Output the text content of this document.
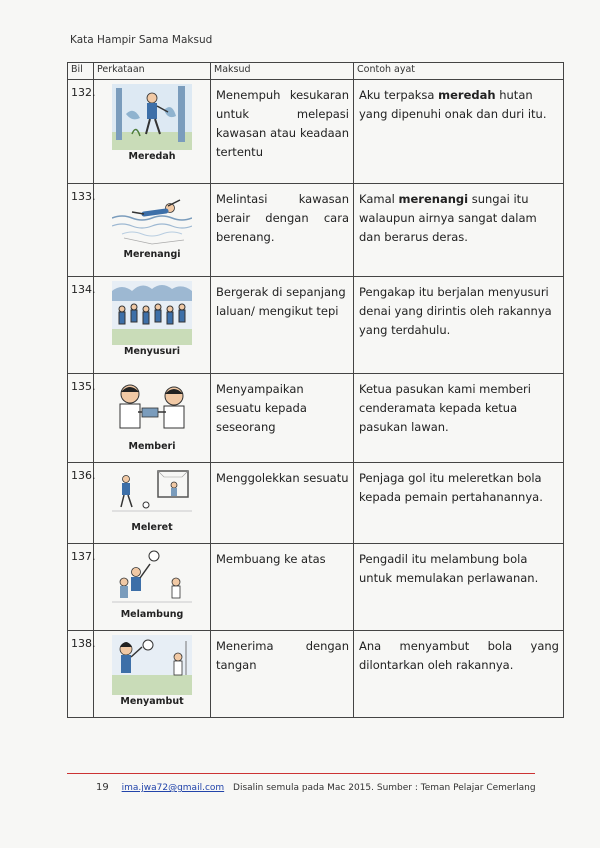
Kata Hampir Sama Maksud
Bil	Perkataan	Maksud	Contoh ayat
132.	Meredah	Menempuh kesukaran untuk melepasi kawasan atau keadaan tertentu	Aku terpaksa meredah hutan yang dipenuhi onak dan duri itu.
133.	Merenangi	Melintasi kawasan berair dengan cara berenang.	Kamal merenangi sungai itu walaupun airnya sangat dalam dan berarus deras.
134.	Menyusuri	Bergerak di sepanjang laluan/ mengikut tepi	Pengakap itu berjalan menyusuri denai yang dirintis oleh rakannya yang terdahulu.
135.	Memberi	Menyampaikan sesuatu kepada seseorang	Ketua pasukan kami memberi cenderamata kepada ketua pasukan lawan.
136.	Meleret	Menggolekkan sesuatu	Penjaga gol itu meleretkan bola kepada pemain pertahanannya.
137.	Melambung	Membuang ke atas	Pengadil itu melambung bola untuk memulakan perlawanan.
138.	Menyambut	Menerima dengan tangan	Ana menyambut bola yang dilontarkan oleh rakannya.
19 ima.jwa72@gmail.com Disalin semula pada Mac 2015. Sumber : Teman Pelajar Cemerlang
